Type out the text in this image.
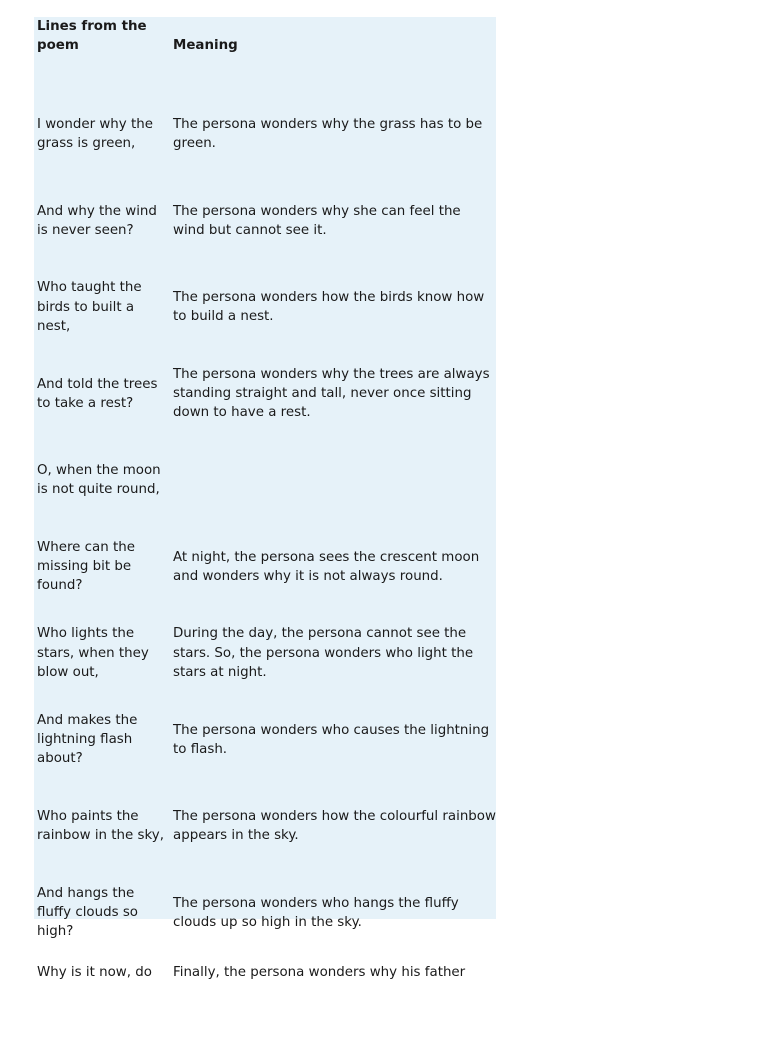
Lines from the poem	Meaning
I wonder why the grass is green,	The persona wonders why the grass has to be green.
And why the wind is never seen?	The persona wonders why she can feel the wind but cannot see it.
Who taught the birds to built a nest,	The persona wonders how the birds know how to build a nest.
And told the trees to take a rest?	The persona wonders why the trees are always standing straight and tall, never once sitting down to have a rest.
O, when the moon is not quite round,	
Where can the missing bit be found?	At night, the persona sees the crescent moon and wonders why it is not always round.
Who lights the stars, when they blow out,	During the day, the persona cannot see the stars. So, the persona wonders who light the stars at night.
And makes the lightning flash about?	The persona wonders who causes the lightning to flash.
Who paints the rainbow in the sky,	The persona wonders how the colourful rainbow appears in the sky.
And hangs the fluffy clouds so high?	The persona wonders who hangs the fluffy clouds up so high in the sky.
Why is it now, do	Finally, the persona wonders why his father
